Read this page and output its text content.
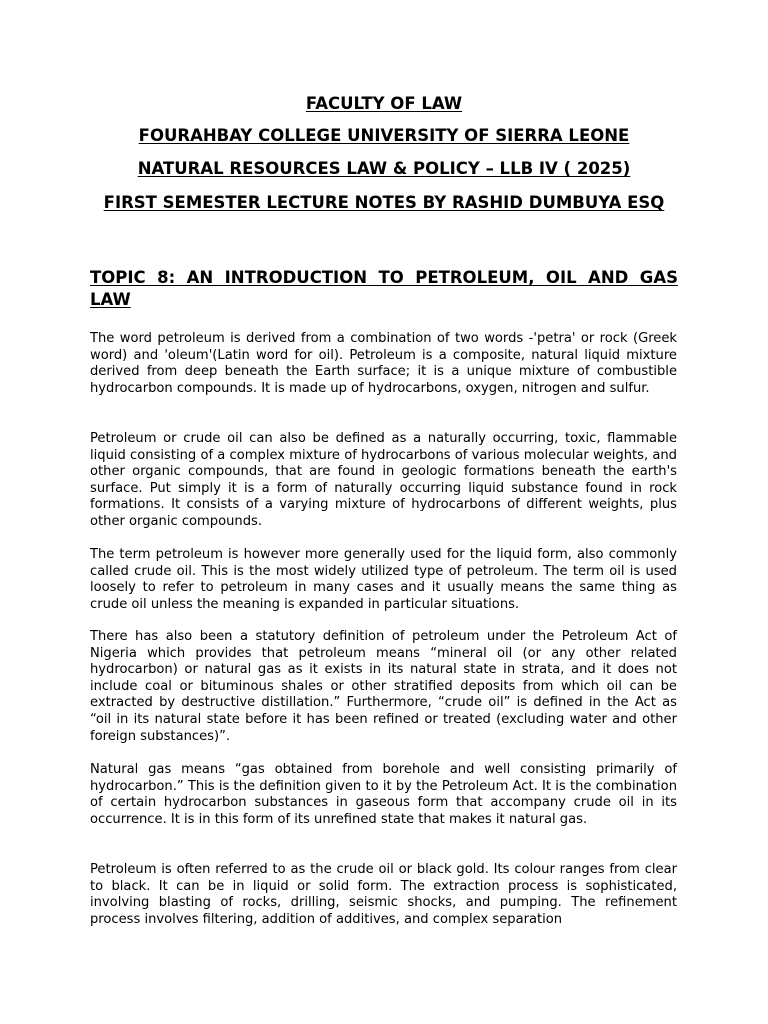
FACULTY OF LAW
FOURAHBAY COLLEGE UNIVERSITY OF SIERRA LEONE
NATURAL RESOURCES LAW & POLICY – LLB IV ( 2025)
FIRST SEMESTER LECTURE NOTES BY RASHID DUMBUYA ESQ
TOPIC 8: AN INTRODUCTION TO PETROLEUM, OIL AND GAS LAW

The word petroleum is derived from a combination of two words -'petra' or rock (Greek word) and 'oleum'(Latin word for oil). Petroleum is a composite, natural liquid mixture derived from deep beneath the Earth surface; it is a unique mixture of combustible hydrocarbon compounds. It is made up of hydrocarbons, oxygen, nitrogen and sulfur.

Petroleum or crude oil can also be defined as a naturally occurring, toxic, flammable liquid consisting of a complex mixture of hydrocarbons of various molecular weights, and other organic compounds, that are found in geologic formations beneath the earth's surface. Put simply it is a form of naturally occurring liquid substance found in rock formations. It consists of a varying mixture of hydrocarbons of different weights, plus other organic compounds.

The term petroleum is however more generally used for the liquid form, also commonly called crude oil. This is the most widely utilized type of petroleum. The term oil is used loosely to refer to petroleum in many cases and it usually means the same thing as crude oil unless the meaning is expanded in particular situations.

There has also been a statutory definition of petroleum under the Petroleum Act of Nigeria which provides that petroleum means “mineral oil (or any other related hydrocarbon) or natural gas as it exists in its natural state in strata, and it does not include coal or bituminous shales or other stratified deposits from which oil can be extracted by destructive distillation.” Furthermore, “crude oil” is defined in the Act as “oil in its natural state before it has been refined or treated (excluding water and other foreign substances)”.

Natural gas means “gas obtained from borehole and well consisting primarily of hydrocarbon.” This is the definition given to it by the Petroleum Act. It is the combination of certain hydrocarbon substances in gaseous form that accompany crude oil in its occurrence. It is in this form of its unrefined state that makes it natural gas.

Petroleum is often referred to as the crude oil or black gold. Its colour ranges from clear to black. It can be in liquid or solid form. The extraction process is sophisticated, involving blasting of rocks, drilling, seismic shocks, and pumping. The refinement process involves filtering, addition of additives, and complex separation
